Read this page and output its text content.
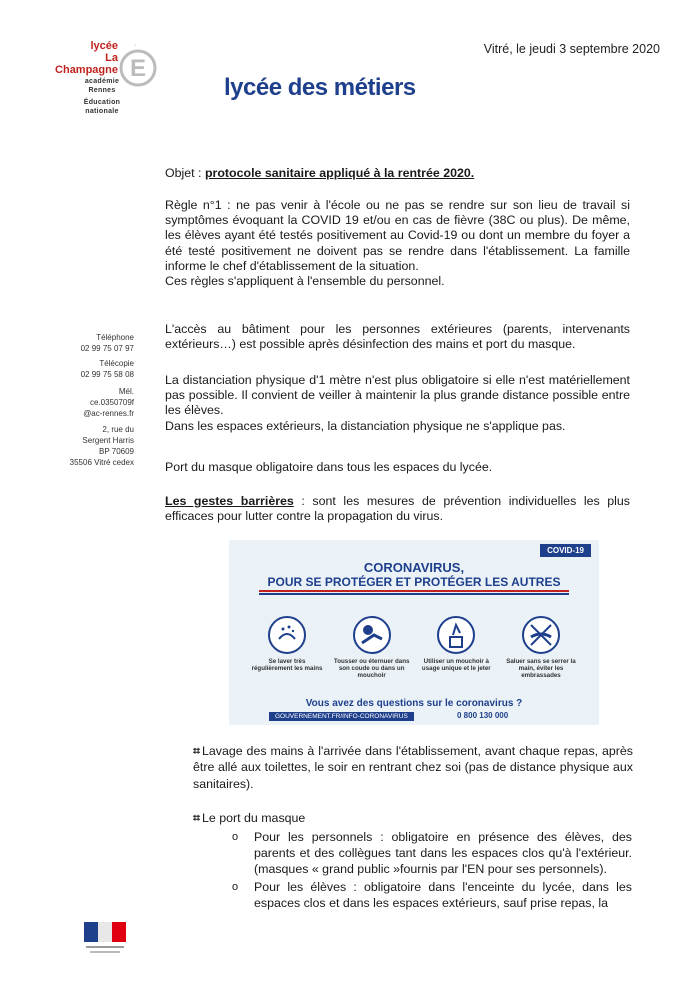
Vitré, le jeudi 3 septembre 2020
lycée
La Champagne E
´
académie
Rennes
Éducation
nationale
lycée des métiers
Téléphone
02 99 75 07 97
Télécopie
02 99 75 58 08
Mél.
ce.0350709f
@ac-rennes.fr
2, rue du
Sergent Harris
BP 70609
35506 Vitré cedex
Objet : protocole sanitaire appliqué à la rentrée 2020.

Règle n°1 : ne pas venir à l'école ou ne pas se rendre sur son lieu de travail si symptômes évoquant la COVID 19 et/ou en cas de fièvre (38C ou plus). De même, les élèves ayant été testés positivement au Covid-19 ou dont un membre du foyer a été testé positivement ne doivent pas se rendre dans l'établissement. La famille informe le chef d'établissement de la situation.

Ces règles s'appliquent à l'ensemble du personnel.

L'accès au bâtiment pour les personnes extérieures (parents, intervenants extérieurs…) est possible après désinfection des mains et port du masque.

La distanciation physique d'1 mètre n'est plus obligatoire si elle n'est matériellement pas possible. Il convient de veiller à maintenir la plus grande distance possible entre les élèves.

Dans les espaces extérieurs, la distanciation physique ne s'applique pas.

Port du masque obligatoire dans tous les espaces du lycée.

Les gestes barrières : sont les mesures de prévention individuelles les plus efficaces pour lutter contre la propagation du virus.

COVID-19
CORONAVIRUS,
POUR SE PROTÉGER ET PROTÉGER LES AUTRES
Se laver très régulièrement les mains
Tousser ou éternuer dans son coude ou dans un mouchoir
Utiliser un mouchoir à usage unique et le jeter
Saluer sans se serrer la main, éviter les embrassades
Vous avez des questions sur le coronavirus ?
GOUVERNEMENT.FR/INFO-CORONAVIRUS	0 800 130 000
⌗ Lavage des mains à l'arrivée dans l'établissement, avant chaque repas, après être allé aux toilettes, le soir en rentrant chez soi (pas de distance physique aux sanitaires).
⌗ Le port du masque
o Pour les personnels : obligatoire en présence des élèves, des parents et des collègues tant dans les espaces clos qu'à l'extérieur. (masques « grand public »fournis par l'EN pour ses personnels).
o Pour les élèves : obligatoire dans l'enceinte du lycée, dans les espaces clos et dans les espaces extérieurs, sauf prise repas, la
